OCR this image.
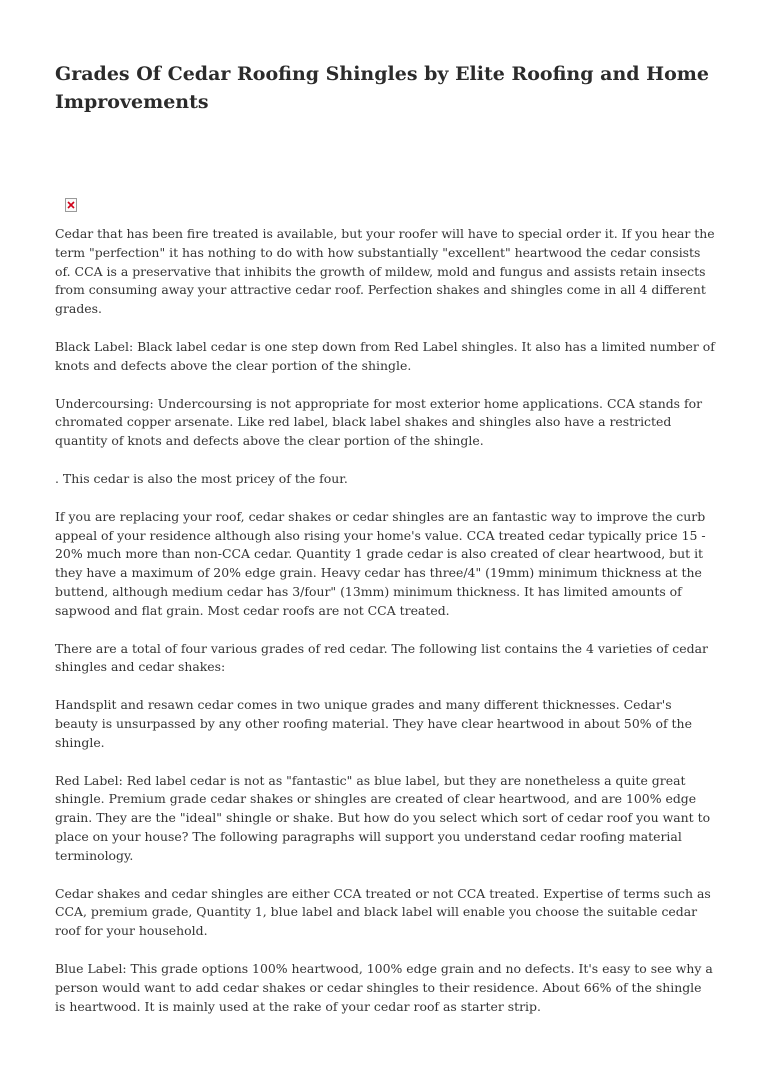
Grades Of Cedar Roofing Shingles by Elite Roofing and Home Improvements

Cedar that has been fire treated is available, but your roofer will have to special order it. If you hear the term "perfection" it has nothing to do with how substantially "excellent" heartwood the cedar consists of. CCA is a preservative that inhibits the growth of mildew, mold and fungus and assists retain insects from consuming away your attractive cedar roof. Perfection shakes and shingles come in all 4 different grades.

Black Label: Black label cedar is one step down from Red Label shingles. It also has a limited number of knots and defects above the clear portion of the shingle.

Undercoursing: Undercoursing is not appropriate for most exterior home applications. CCA stands for chromated copper arsenate. Like red label, black label shakes and shingles also have a restricted quantity of knots and defects above the clear portion of the shingle.

. This cedar is also the most pricey of the four.

If you are replacing your roof, cedar shakes or cedar shingles are an fantastic way to improve the curb appeal of your residence although also rising your home's value. CCA treated cedar typically price 15 - 20% much more than non-CCA cedar. Quantity 1 grade cedar is also created of clear heartwood, but it they have a maximum of 20% edge grain. Heavy cedar has three/4" (19mm) minimum thickness at the buttend, although medium cedar has 3/four" (13mm) minimum thickness. It has limited amounts of sapwood and flat grain. Most cedar roofs are not CCA treated.

There are a total of four various grades of red cedar. The following list contains the 4 varieties of cedar shingles and cedar shakes:

Handsplit and resawn cedar comes in two unique grades and many different thicknesses. Cedar's beauty is unsurpassed by any other roofing material. They have clear heartwood in about 50% of the shingle.

Red Label: Red label cedar is not as "fantastic" as blue label, but they are nonetheless a quite great shingle. Premium grade cedar shakes or shingles are created of clear heartwood, and are 100% edge grain. They are the "ideal" shingle or shake. But how do you select which sort of cedar roof you want to place on your house? The following paragraphs will support you understand cedar roofing material terminology.

Cedar shakes and cedar shingles are either CCA treated or not CCA treated. Expertise of terms such as CCA, premium grade, Quantity 1, blue label and black label will enable you choose the suitable cedar roof for your household.

Blue Label: This grade options 100% heartwood, 100% edge grain and no defects. It's easy to see why a person would want to add cedar shakes or cedar shingles to their residence. About 66% of the shingle is heartwood. It is mainly used at the rake of your cedar roof as starter strip.
